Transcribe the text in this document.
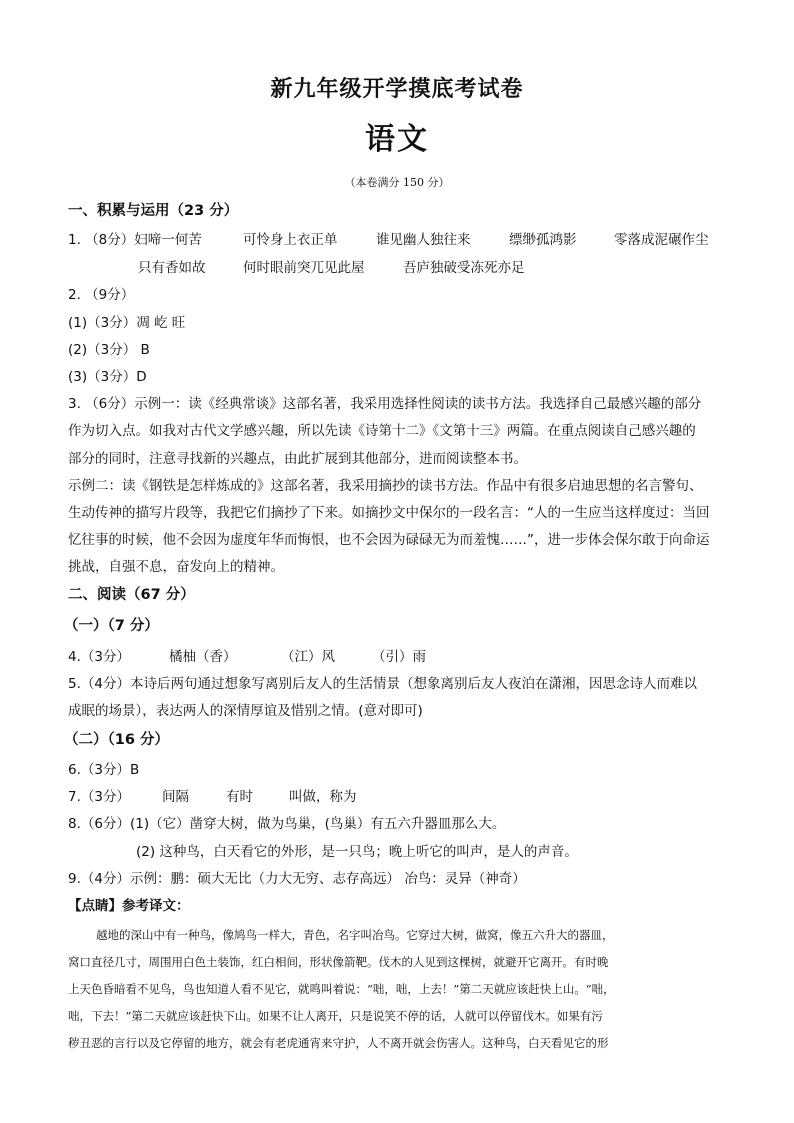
新九年级开学摸底考试卷
语文
（本卷满分 150 分）
一、积累与运用（23 分）
1. （8分）妇啼一何苦	可怜身上衣正单	谁见幽人独往来	缥缈孤鸿影	零落成泥碾作尘
只有香如故	何时眼前突兀见此屋	吾庐独破受冻死亦足
2. （9分）
(1)（3分）凋 屹 旺
(2)（3分） B
(3)（3分）D
3. （6分）示例一：读《经典常谈》这部名著，我采用选择性阅读的读书方法。我选择自己最感兴趣的部分
作为切入点。如我对古代文学感兴趣，所以先读《诗第十二》《文第十三》两篇。在重点阅读自己感兴趣的
部分的同时，注意寻找新的兴趣点，由此扩展到其他部分，进而阅读整本书。
示例二：读《钢铁是怎样炼成的》这部名著，我采用摘抄的读书方法。作品中有很多启迪思想的名言警句、
生动传神的描写片段等，我把它们摘抄了下来。如摘抄文中保尔的一段名言：“人的一生应当这样度过：当回
忆往事的时候，他不会因为虚度年华而悔恨，也不会因为碌碌无为而羞愧……”，进一步体会保尔敢于向命运
挑战，自强不息，奋发向上的精神。
二、阅读（67 分）
（一）（7 分）
4.（3分）	橘柚（香）	（江）风	（引）雨
5.（4分）本诗后两句通过想象写离别后友人的生活情景（想象离别后友人夜泊在潇湘，因思念诗人而难以
成眠的场景），表达两人的深情厚谊及惜别之情。(意对即可)
（二）（16 分）
6.（3分）B
7.（3分） 间隔	有时	叫做，称为
8.（6分）(1)（它）凿穿大树，做为鸟巢，(鸟巢）有五六升器皿那么大。
(2) 这种鸟，白天看它的外形，是一只鸟；晚上听它的叫声，是人的声音。
9.（4分）示例：鹏：硕大无比（力大无穷、志存高远） 冶鸟：灵异（神奇）
【点睛】参考译文：
越地的深山中有一种鸟，像鸠鸟一样大，青色，名字叫冶鸟。它穿过大树，做窝，像五六升大的器皿，
窝口直径几寸，周围用白色土装饰，红白相间，形状像箭靶。伐木的人见到这棵树，就避开它离开。有时晚
上天色昏暗看不见鸟，鸟也知道人看不见它，就鸣叫着说：“咄，咄，上去！”第二天就应该赶快上山。“咄，
咄，下去！”第二天就应该赶快下山。如果不让人离开，只是说笑不停的话，人就可以停留伐木。如果有污
秽丑恶的言行以及它停留的地方，就会有老虎通宵来守护，人不离开就会伤害人。这种鸟，白天看见它的形
